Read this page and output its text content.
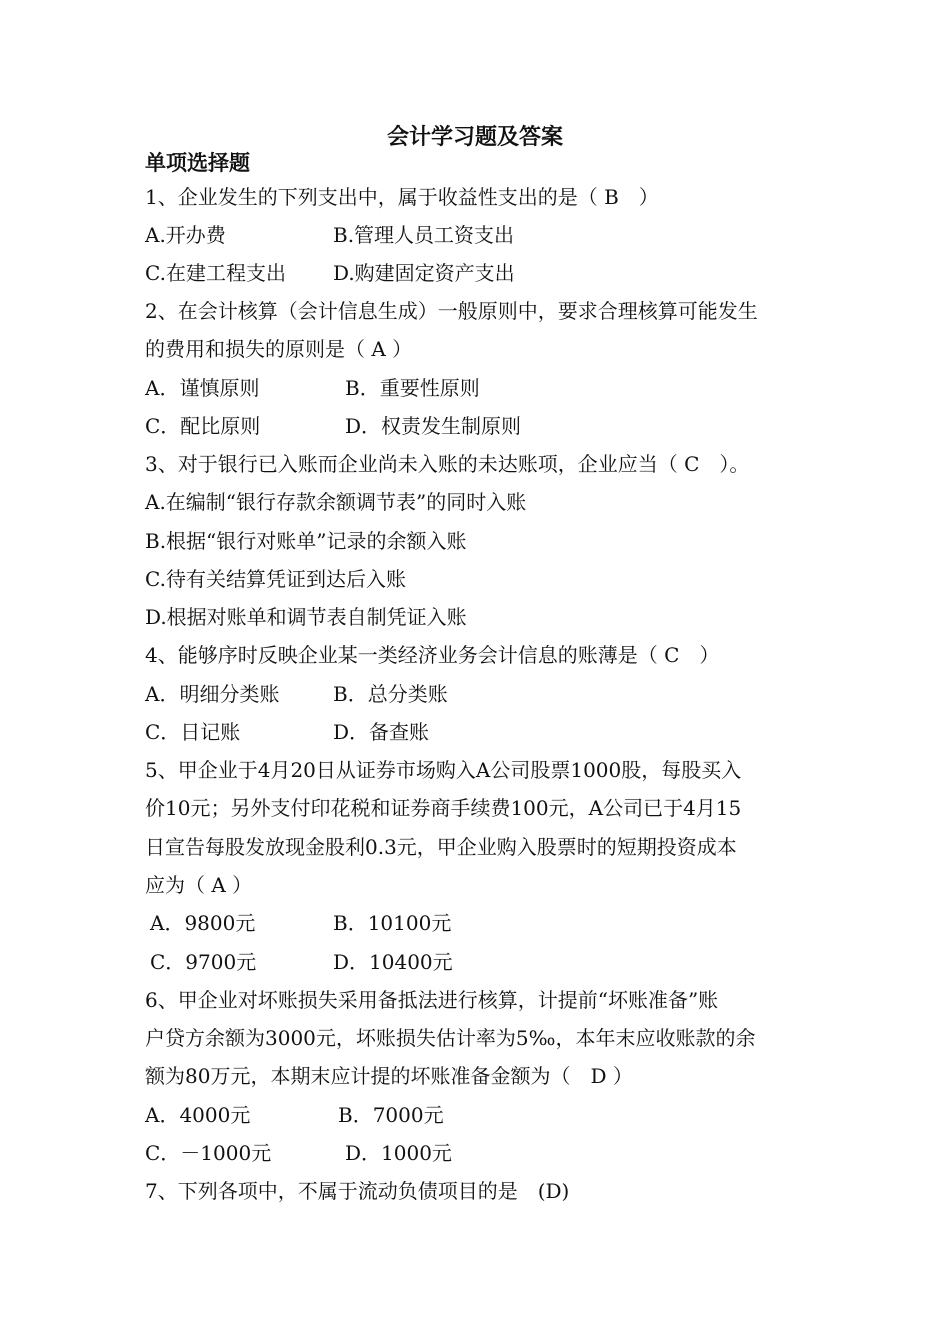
会计学习题及答案
单项选择题
1、企业发生的下列支出中，属于收益性支出的是（ B　）
A.开办费	B.管理人员工资支出
C.在建工程支出 D.购建固定资产支出
2、在会计核算（会计信息生成）一般原则中，要求合理核算可能发生
的费用和损失的原则是（ A ）
A．谨慎原则	B．重要性原则
C．配比原则	D．权责发生制原则
3、对于银行已入账而企业尚未入账的未达账项，企业应当（ C　）。
A.在编制“银行存款余额调节表”的同时入账
B.根据“银行对账单”记录的余额入账
C.待有关结算凭证到达后入账
D.根据对账单和调节表自制凭证入账
4、能够序时反映企业某一类经济业务会计信息的账薄是（ C　）
A．明细分类账	B．总分类账
C．日记账	D．备查账
5、甲企业于4月20日从证券市场购入A公司股票1000股，每股买入
价10元；另外支付印花税和证券商手续费100元，A公司已于4月15
日宣告每股发放现金股利0.3元，甲企业购入股票时的短期投资成本
应为（ A ）
A．9800元	B．10100元
C．9700元	D．10400元
6、甲企业对坏账损失采用备抵法进行核算，计提前“坏账准备”账
户贷方余额为3000元，坏账损失估计率为5‰，本年末应收账款的余
额为80万元，本期末应计提的坏账准备金额为（　D ）
A．4000元	B．7000元
C．－1000元	D．1000元
7、下列各项中，不属于流动负债项目的是　(D)
